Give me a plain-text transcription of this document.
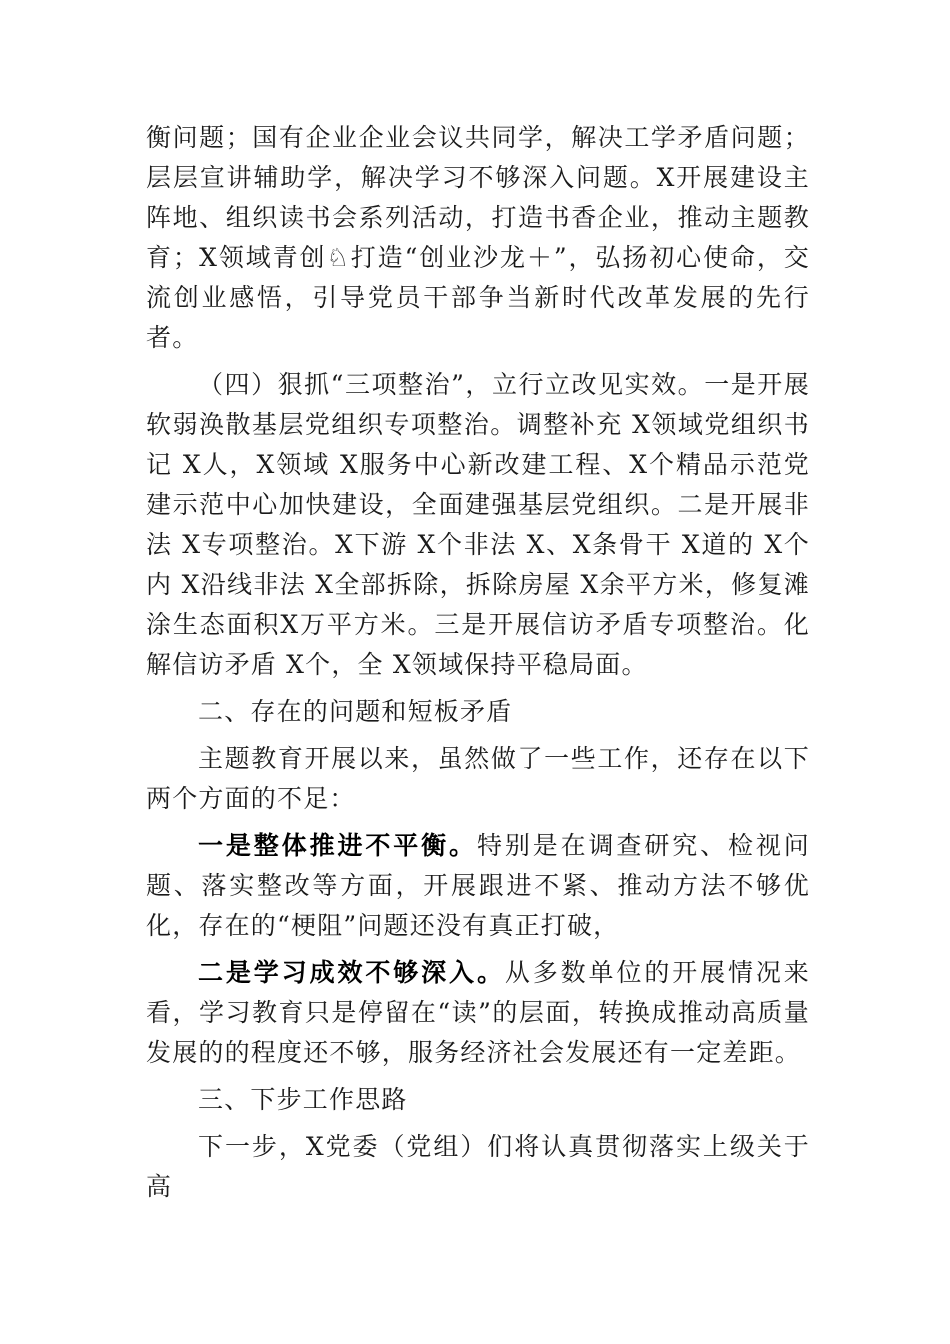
衡问题；国有企业企业会议共同学，解决工学矛盾问题；层层宣讲辅助学，解决学习不够深入问题。X开展建设主阵地、组织读书会系列活动，打造书香企业，推动主题教育；X领域青创♘打造“创业沙龙＋”，弘扬初心使命，交流创业感悟，引导党员干部争当新时代改革发展的先行者。

（四）狠抓“三项整治”，立行立改见实效。一是开展软弱涣散基层党组织专项整治。调整补充 X领域党组织书记 X人，X领域 X服务中心新改建工程、X个精品示范党建示范中心加快建设，全面建强基层党组织。二是开展非法 X专项整治。X下游 X个非法 X、X条骨干 X道的 X个内 X沿线非法 X全部拆除，拆除房屋 X余平方米，修复滩涂生态面积X万平方米。三是开展信访矛盾专项整治。化解信访矛盾 X个，全 X领域保持平稳局面。

二、存在的问题和短板矛盾

主题教育开展以来，虽然做了一些工作，还存在以下两个方面的不足：

一是整体推进不平衡。特别是在调查研究、检视问题、落实整改等方面，开展跟进不紧、推动方法不够优化，存在的“梗阻”问题还没有真正打破，

二是学习成效不够深入。从多数单位的开展情况来看，学习教育只是停留在“读”的层面，转换成推动高质量发展的的程度还不够，服务经济社会发展还有一定差距。

三、下步工作思路

下一步，X党委（党组）们将认真贯彻落实上级关于高
